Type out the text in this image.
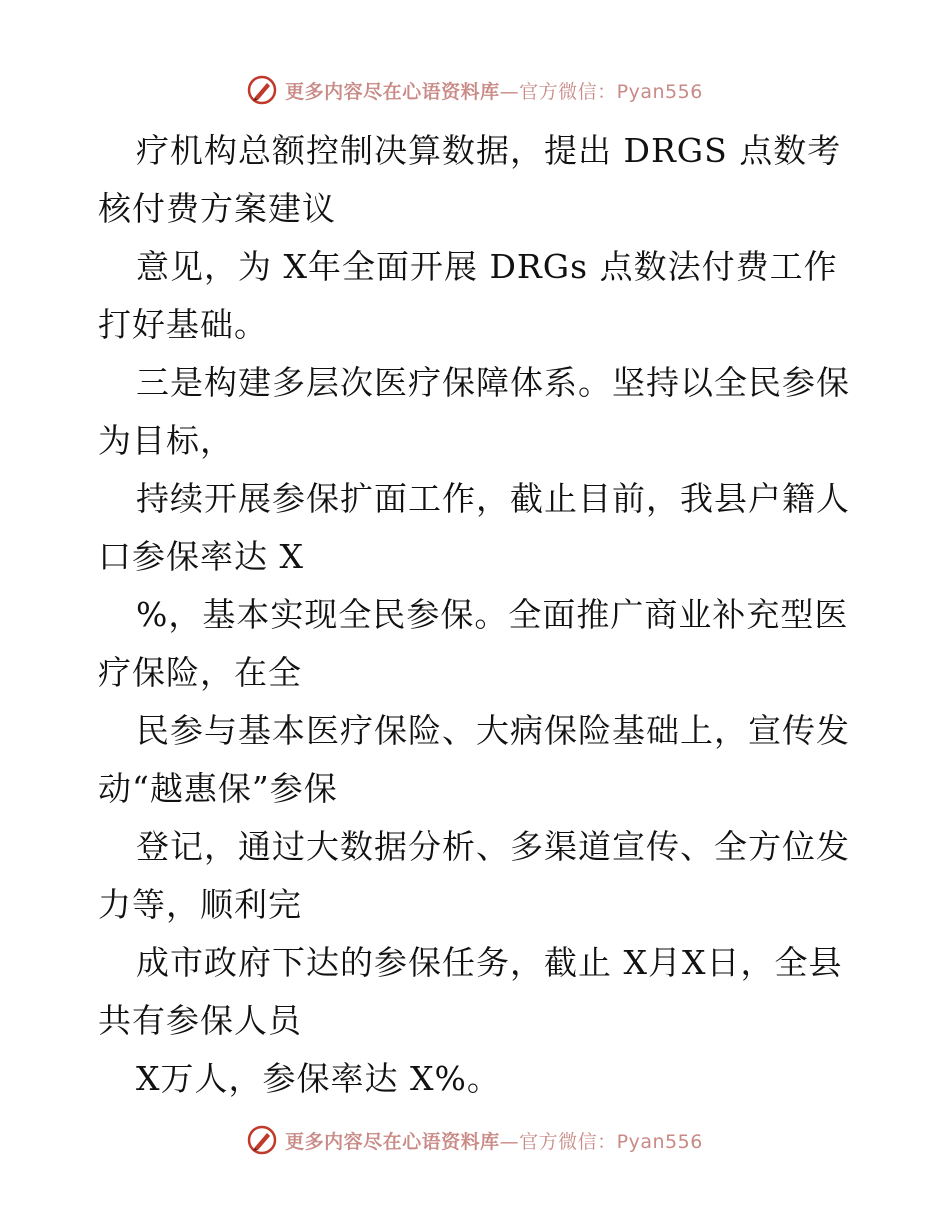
更多内容尽在心语资料库—官方微信：Pyan556

疗机构总额控制决算数据，提出 DRGS 点数考核付费方案建议

意见，为 X年全面开展 DRGs 点数法付费工作打好基础。

三是构建多层次医疗保障体系。坚持以全民参保为目标，

持续开展参保扩面工作，截止目前，我县户籍人口参保率达 X

%，基本实现全民参保。全面推广商业补充型医疗保险，在全

民参与基本医疗保险、大病保险基础上，宣传发动“越惠保”参保

登记，通过大数据分析、多渠道宣传、全方位发力等，顺利完

成市政府下达的参保任务，截止 X月X日，全县共有参保人员

X万人，参保率达 X%。

更多内容尽在心语资料库—官方微信：Pyan556
